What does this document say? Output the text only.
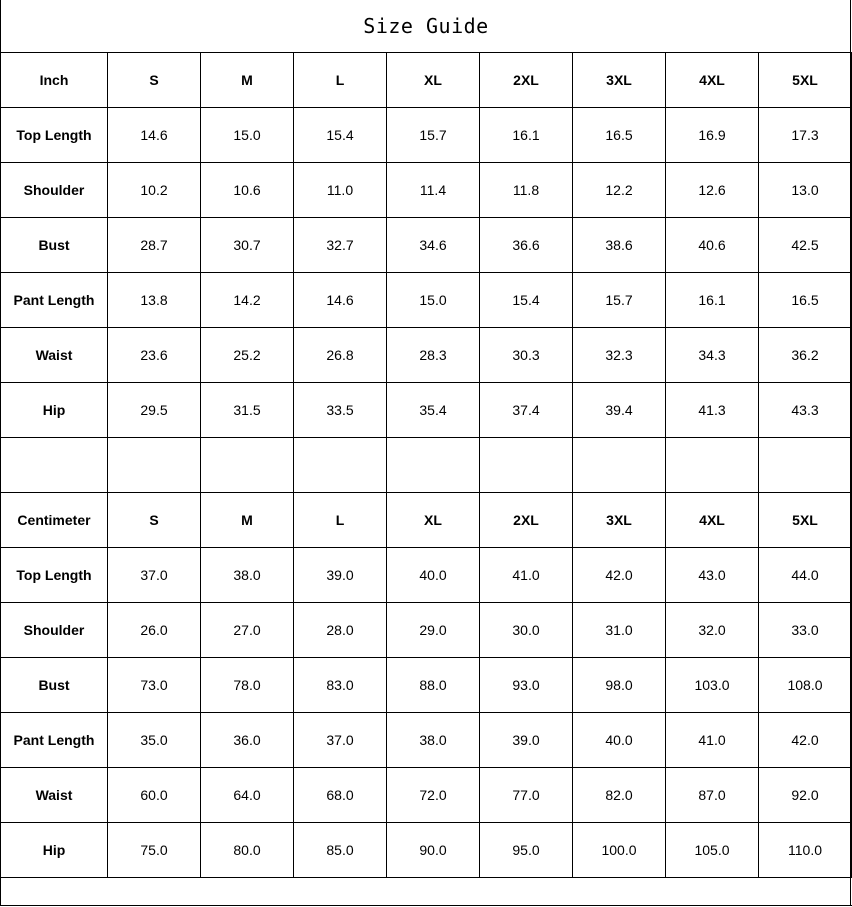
Size Guide
Inch	S	M	L	XL	2XL	3XL	4XL	5XL
Top Length	14.6	15.0	15.4	15.7	16.1	16.5	16.9	17.3
Shoulder	10.2	10.6	11.0	11.4	11.8	12.2	12.6	13.0
Bust	28.7	30.7	32.7	34.6	36.6	38.6	40.6	42.5
Pant Length	13.8	14.2	14.6	15.0	15.4	15.7	16.1	16.5
Waist	23.6	25.2	26.8	28.3	30.3	32.3	34.3	36.2
Hip	29.5	31.5	33.5	35.4	37.4	39.4	41.3	43.3

Centimeter	S	M	L	XL	2XL	3XL	4XL	5XL
Top Length	37.0	38.0	39.0	40.0	41.0	42.0	43.0	44.0
Shoulder	26.0	27.0	28.0	29.0	30.0	31.0	32.0	33.0
Bust	73.0	78.0	83.0	88.0	93.0	98.0	103.0	108.0
Pant Length	35.0	36.0	37.0	38.0	39.0	40.0	41.0	42.0
Waist	60.0	64.0	68.0	72.0	77.0	82.0	87.0	92.0
Hip	75.0	80.0	85.0	90.0	95.0	100.0	105.0	110.0
